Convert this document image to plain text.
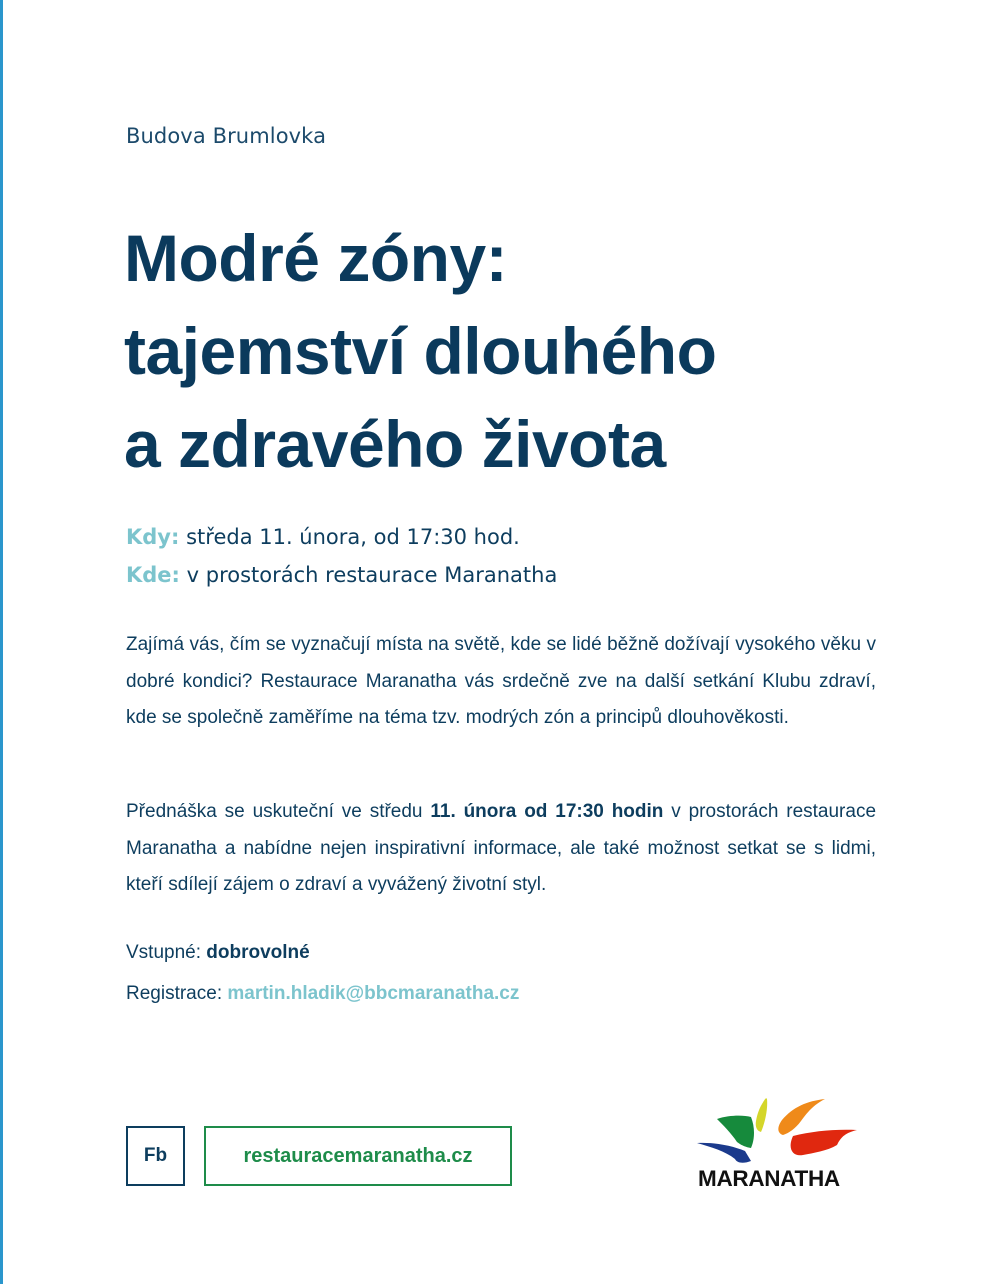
Budova Brumlovka
Modré zóny:
tajemství dlouhého
a zdravého života
Kdy: středa 11. února, od 17:30 hod.
Kde: v prostorách restaurace Maranatha

Zajímá vás, čím se vyznačují místa na světě, kde se lidé běžně dožívají vysokého věku v dobré kondici? Restaurace Maranatha vás srdečně zve na další setkání Klubu zdraví, kde se společně zaměříme na téma tzv. modrých zón a principů dlouhověkosti.

Přednáška se uskuteční ve středu 11. února od 17:30 hodin v prostorách restaurace Maranatha a nabídne nejen inspirativní informace, ale také možnost setkat se s lidmi, kteří sdílejí zájem o zdraví a vyvážený životní styl.

Vstupné: dobrovolné
Registrace: martin.hladik@bbcmaranatha.cz
Fb	restauracemaranatha.cz
MARANATHA
